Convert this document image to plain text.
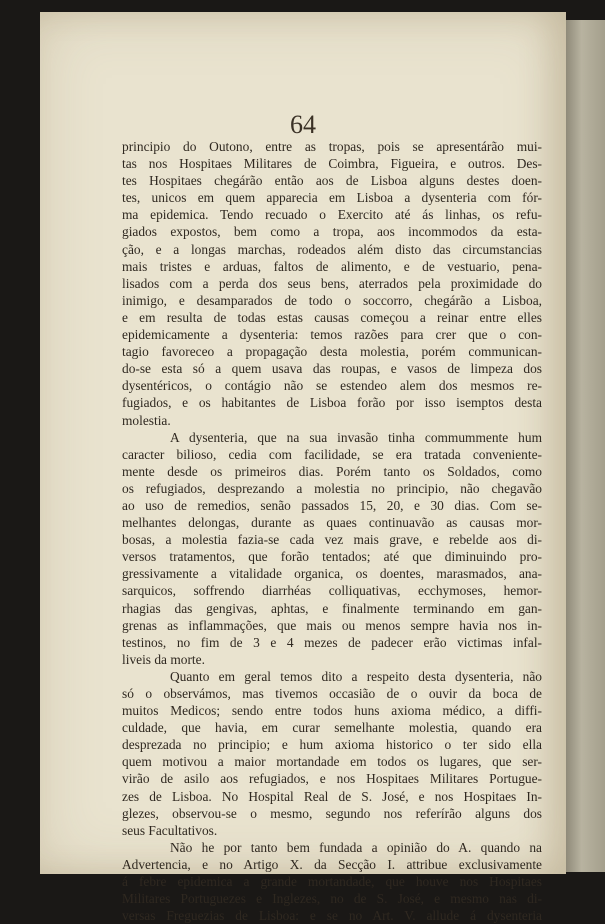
64
principio do Outono, entre as tropas, pois se apresentárão mui-
tas nos Hospitaes Militares de Coimbra, Figueira, e outros. Des-
tes Hospitaes chegárão então aos de Lisboa alguns destes doen-
tes, unicos em quem apparecia em Lisboa a dysenteria com fór-
ma epidemica. Tendo recuado o Exercito até ás linhas, os refu-
giados expostos, bem como a tropa, aos incommodos da esta-
ção, e a longas marchas, rodeados além disto das circumstancias
mais tristes e arduas, faltos de alimento, e de vestuario, pena-
lisados com a perda dos seus bens, aterrados pela proximidade do
inimigo, e desamparados de todo o soccorro, chegárão a Lisboa,
e em resulta de todas estas causas começou a reinar entre elles
epidemicamente a dysenteria: temos razões para crer que o con-
tagio favoreceo a propagação desta molestia, porém communican-
do-se esta só a quem usava das roupas, e vasos de limpeza dos
dysentéricos, o contágio não se estendeo alem dos mesmos re-
fugiados, e os habitantes de Lisboa forão por isso isemptos desta
molestia.
A dysenteria, que na sua invasão tinha commummente hum
caracter bilioso, cedia com facilidade, se era tratada conveniente-
mente desde os primeiros dias. Porém tanto os Soldados, como
os refugiados, desprezando a molestia no principio, não chegavão
ao uso de remedios, senão passados 15, 20, e 30 dias. Com se-
melhantes delongas, durante as quaes continuavão as causas mor-
bosas, a molestia fazia-se cada vez mais grave, e rebelde aos di-
versos tratamentos, que forão tentados; até que diminuindo pro-
gressivamente a vitalidade organica, os doentes, marasmados, ana-
sarquicos, soffrendo diarrhéas colliquativas, ecchymoses, hemor-
rhagias das gengivas, aphtas, e finalmente terminando em gan-
grenas as inflammações, que mais ou menos sempre havia nos in-
testinos, no fim de 3 e 4 mezes de padecer erão victimas infal-
liveis da morte.
Quanto em geral temos dito a respeito desta dysenteria, não
só o observámos, mas tivemos occasião de o ouvir da boca de
muitos Medicos; sendo entre todos huns axioma médico, a diffi-
culdade, que havia, em curar semelhante molestia, quando era
desprezada no principio; e hum axioma historico o ter sido ella
quem motivou a maior mortandade em todos os lugares, que ser-
virão de asilo aos refugiados, e nos Hospitaes Militares Portugue-
zes de Lisboa. No Hospital Real de S. José, e nos Hospitaes In-
glezes, observou-se o mesmo, segundo nos referírão alguns dos
seus Facultativos.
Não he por tanto bem fundada a opinião do A. quando na
Advertencia, e no Artigo X. da Secção I. attribue exclusivamente
á febre epidemica a grande mortandade, que houve nos Hospitaes
Militares Portuguezes e Inglezes, no de S. José, e mesmo nas di-
versas Freguezias de Lisboa: e se no Art. V. allude á dysenteria
